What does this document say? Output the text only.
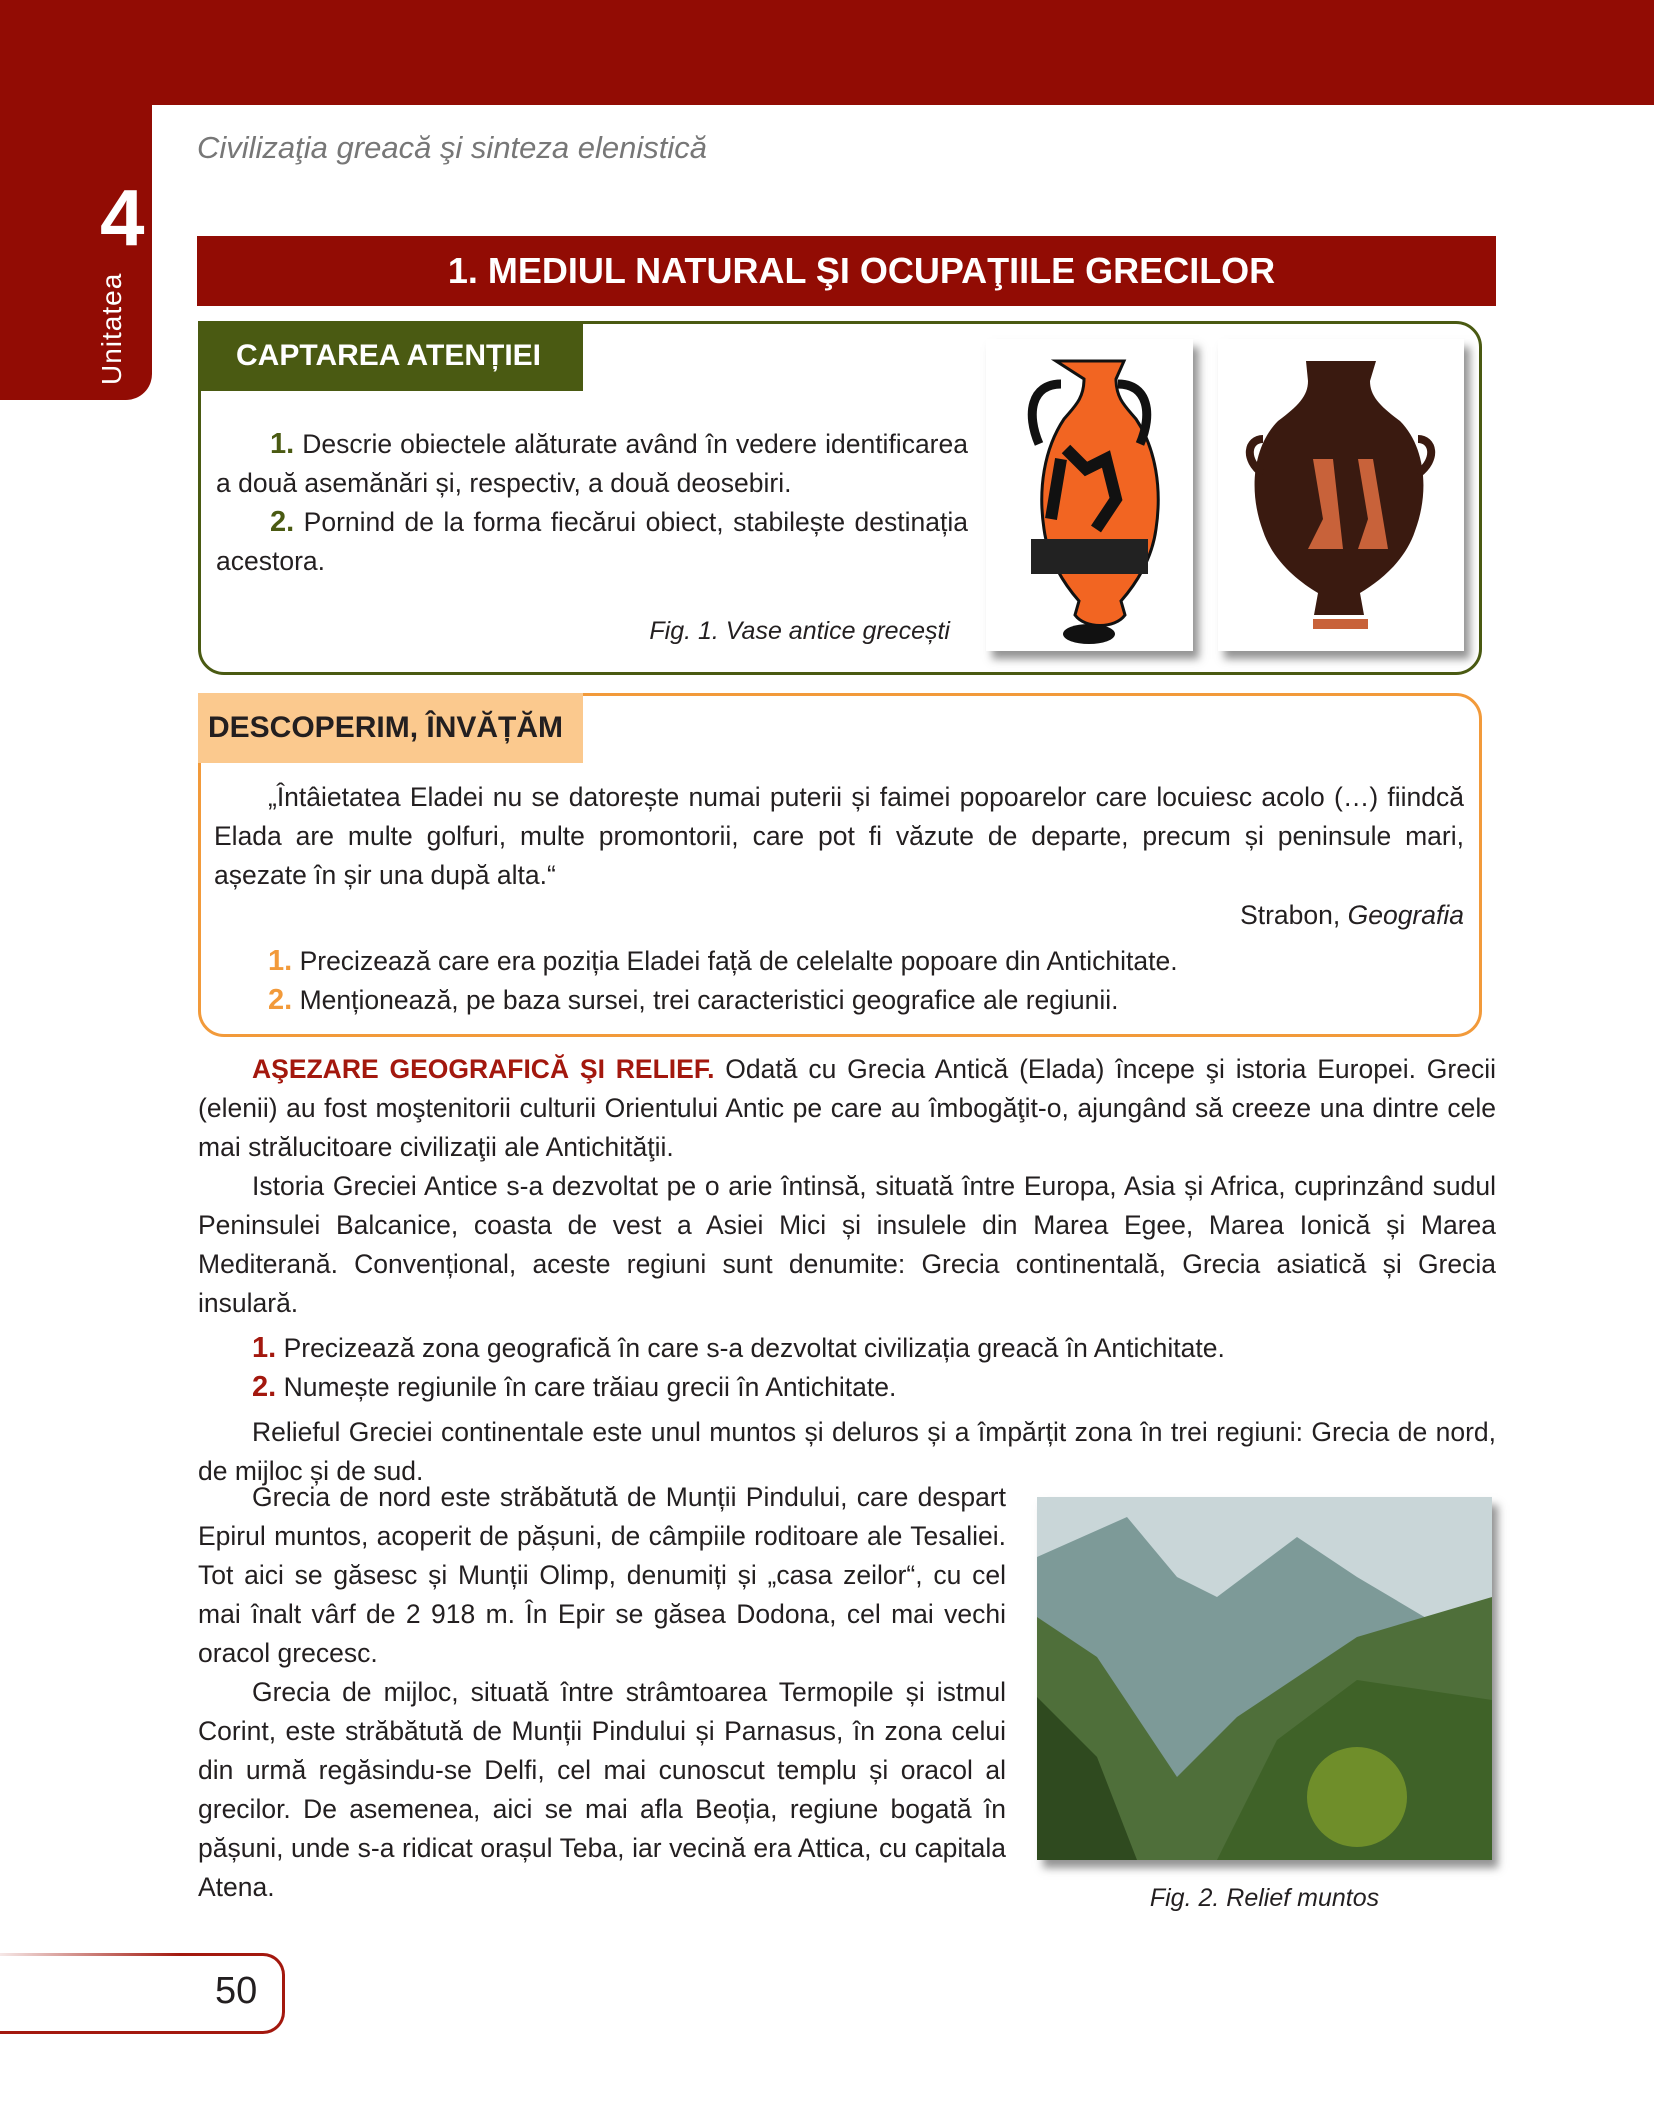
4
Unitatea
Civilizaţia greacă şi sinteza elenistică
1. MEDIUL NATURAL ŞI OCUPAŢIILE GRECILOR
CAPTAREA ATENȚIEI

1. Descrie obiectele alăturate având în vedere identificarea a două asemănări și, respectiv, a două deosebiri.

2. Pornind de la forma fiecărui obiect, stabilește destinația acestora.

Fig. 1. Vase antice grecești
DESCOPERIM, ÎNVĂȚĂM
„Întâietatea Eladei nu se datorește numai puterii și faimei popoarelor care locuiesc acolo (…) fiindcă Elada are multe golfuri, multe promontorii, care pot fi văzute de departe, precum și peninsule mari, așezate în șir una după alta.“
Strabon, Geografia

1. Precizează care era poziția Eladei față de celelalte popoare din Antichitate.

2. Menționează, pe baza sursei, trei caracteristici geografice ale regiunii.

AŞEZARE GEOGRAFICĂ ŞI RELIEF. Odată cu Grecia Antică (Elada) începe şi istoria Europei. Grecii (elenii) au fost moştenitorii culturii Orientului Antic pe care au îmbogăţit-o, ajungând să creeze una dintre cele mai strălucitoare civilizaţii ale Antichităţii.

Istoria Greciei Antice s-a dezvoltat pe o arie întinsă, situată între Europa, Asia și Africa, cuprinzând sudul Peninsulei Balcanice, coasta de vest a Asiei Mici și insulele din Marea Egee, Marea Ionică și Marea Mediterană. Convențional, aceste regiuni sunt denumite: Grecia continentală, Grecia asiatică și Grecia insulară.

1. Precizează zona geografică în care s-a dezvoltat civilizația greacă în Antichitate.

2. Numește regiunile în care trăiau grecii în Antichitate.

Relieful Greciei continentale este unul muntos și deluros și a împărțit zona în trei regiuni: Grecia de nord, de mijloc și de sud.

Grecia de nord este străbătută de Munții Pindului, care despart Epirul muntos, acoperit de pășuni, de câmpiile roditoare ale Tesaliei. Tot aici se găsesc și Munții Olimp, denumiți și „casa zeilor“, cu cel mai înalt vârf de 2 918 m. În Epir se găsea Dodona, cel mai vechi oracol grecesc.

Grecia de mijloc, situată între strâmtoarea Termopile și istmul Corint, este străbătută de Munții Pindului și Parnasus, în zona celui din urmă regăsindu-se Delfi, cel mai cunoscut templu și oracol al grecilor. De asemenea, aici se mai afla Beoția, regiune bogată în pășuni, unde s-a ridicat orașul Teba, iar vecină era Attica, cu capitala Atena.	Fig. 2. Relief muntos
50
